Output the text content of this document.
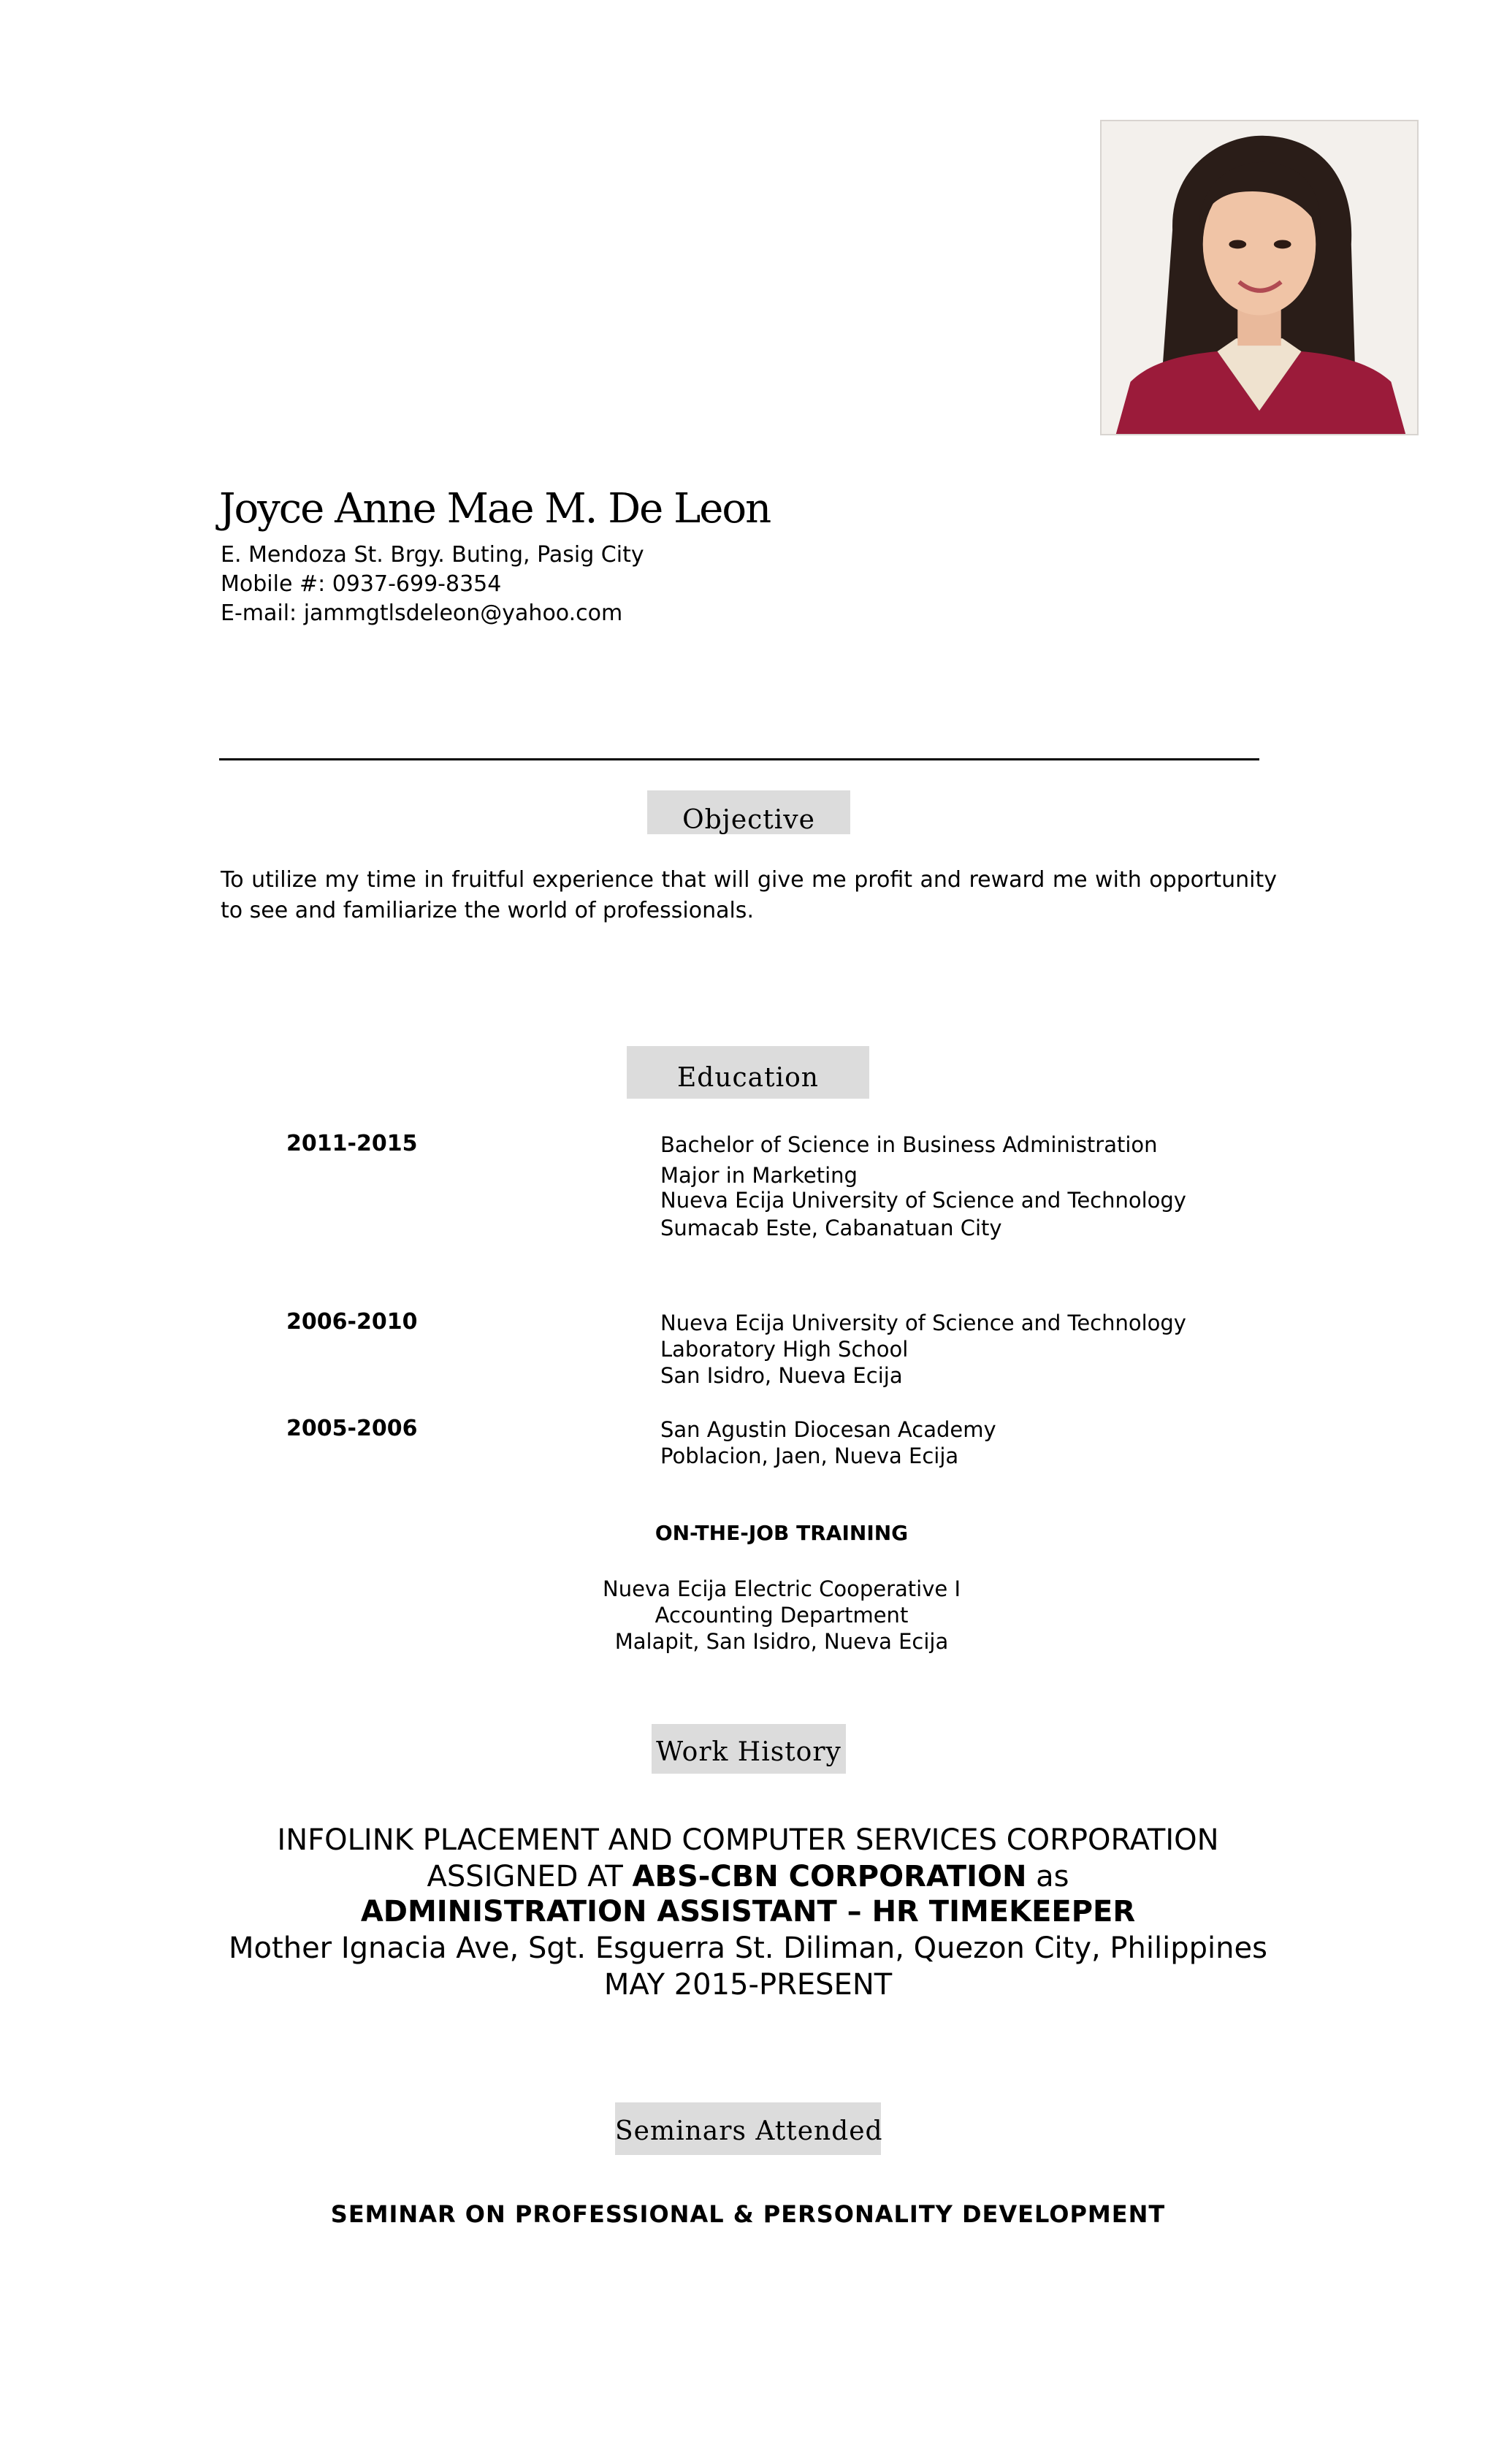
Joyce Anne Mae M. De Leon
E. Mendoza St. Brgy. Buting, Pasig City
Mobile #: 0937-699-8354
E-mail: jammgtlsdeleon@yahoo.com
Objective
To utilize my time in fruitful experience that will give me profit and reward me with opportunity to see and familiarize the world of professionals.
Education
2011-2015	Bachelor of Science in Business Administration
Major in Marketing
Nueva Ecija University of Science and Technology
Sumacab Este, Cabanatuan City
2006-2010	Nueva Ecija University of Science and Technology
Laboratory High School
San Isidro, Nueva Ecija
2005-2006	San Agustin Diocesan Academy
Poblacion, Jaen, Nueva Ecija
ON-THE-JOB TRAINING
Nueva Ecija Electric Cooperative I
Accounting Department
Malapit, San Isidro, Nueva Ecija
Work History
INFOLINK PLACEMENT AND COMPUTER SERVICES CORPORATION
ASSIGNED AT ABS-CBN CORPORATION as
ADMINISTRATION ASSISTANT – HR TIMEKEEPER
Mother Ignacia Ave, Sgt. Esguerra St. Diliman, Quezon City, Philippines
MAY 2015-PRESENT
Seminars Attended
SEMINAR ON PROFESSIONAL & PERSONALITY DEVELOPMENT
